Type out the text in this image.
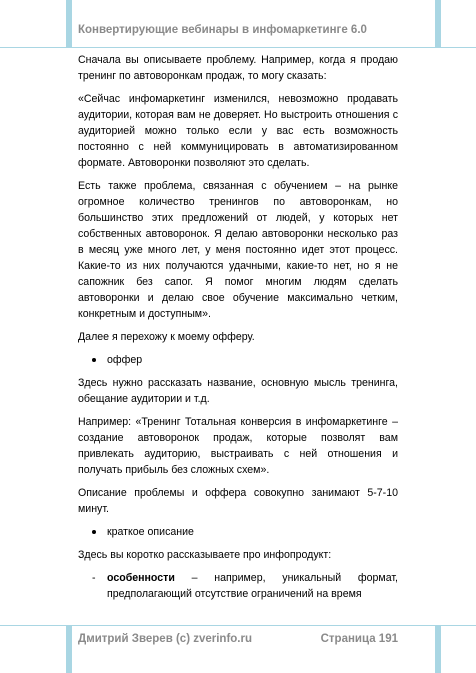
Конвертирующие вебинары в инфомаркетинге 6.0

Сначала вы описываете проблему. Например, когда я продаю тренинг по автоворонкам продаж, то могу сказать:

«Сейчас инфомаркетинг изменился, невозможно продавать аудитории, которая вам не доверяет. Но выстроить отношения с аудиторией можно только если у вас есть возможность постоянно с ней коммуницировать в автоматизированном формате. Автоворонки позволяют это сделать.

Есть также проблема, связанная с обучением – на рынке огромное количество тренингов по автоворонкам, но большинство этих предложений от людей, у которых нет собственных автоворонок. Я делаю автоворонки несколько раз в месяц уже много лет, у меня постоянно идет этот процесс. Какие-то из них получаются удачными, какие-то нет, но я не сапожник без сапог. Я помог многим людям сделать автоворонки и делаю свое обучение максимально четким, конкретным и доступным».

Далее я перехожу к моему офферу.

оффер

Здесь нужно рассказать название, основную мысль тренинга, обещание аудитории и т.д.

Например: «Тренинг Тотальная конверсия в инфомаркетинге – создание автоворонок продаж, которые позволят вам привлекать аудиторию, выстраивать с ней отношения и получать прибыль без сложных схем».

Описание проблемы и оффера совокупно занимают 5-7-10 минут.

краткое описание

Здесь вы коротко рассказываете про инфопродукт:

- особенности – например, уникальный формат, предполагающий отсутствие ограничений на время
Дмитрий Зверев (с) zverinfo.ru	Страница 191
